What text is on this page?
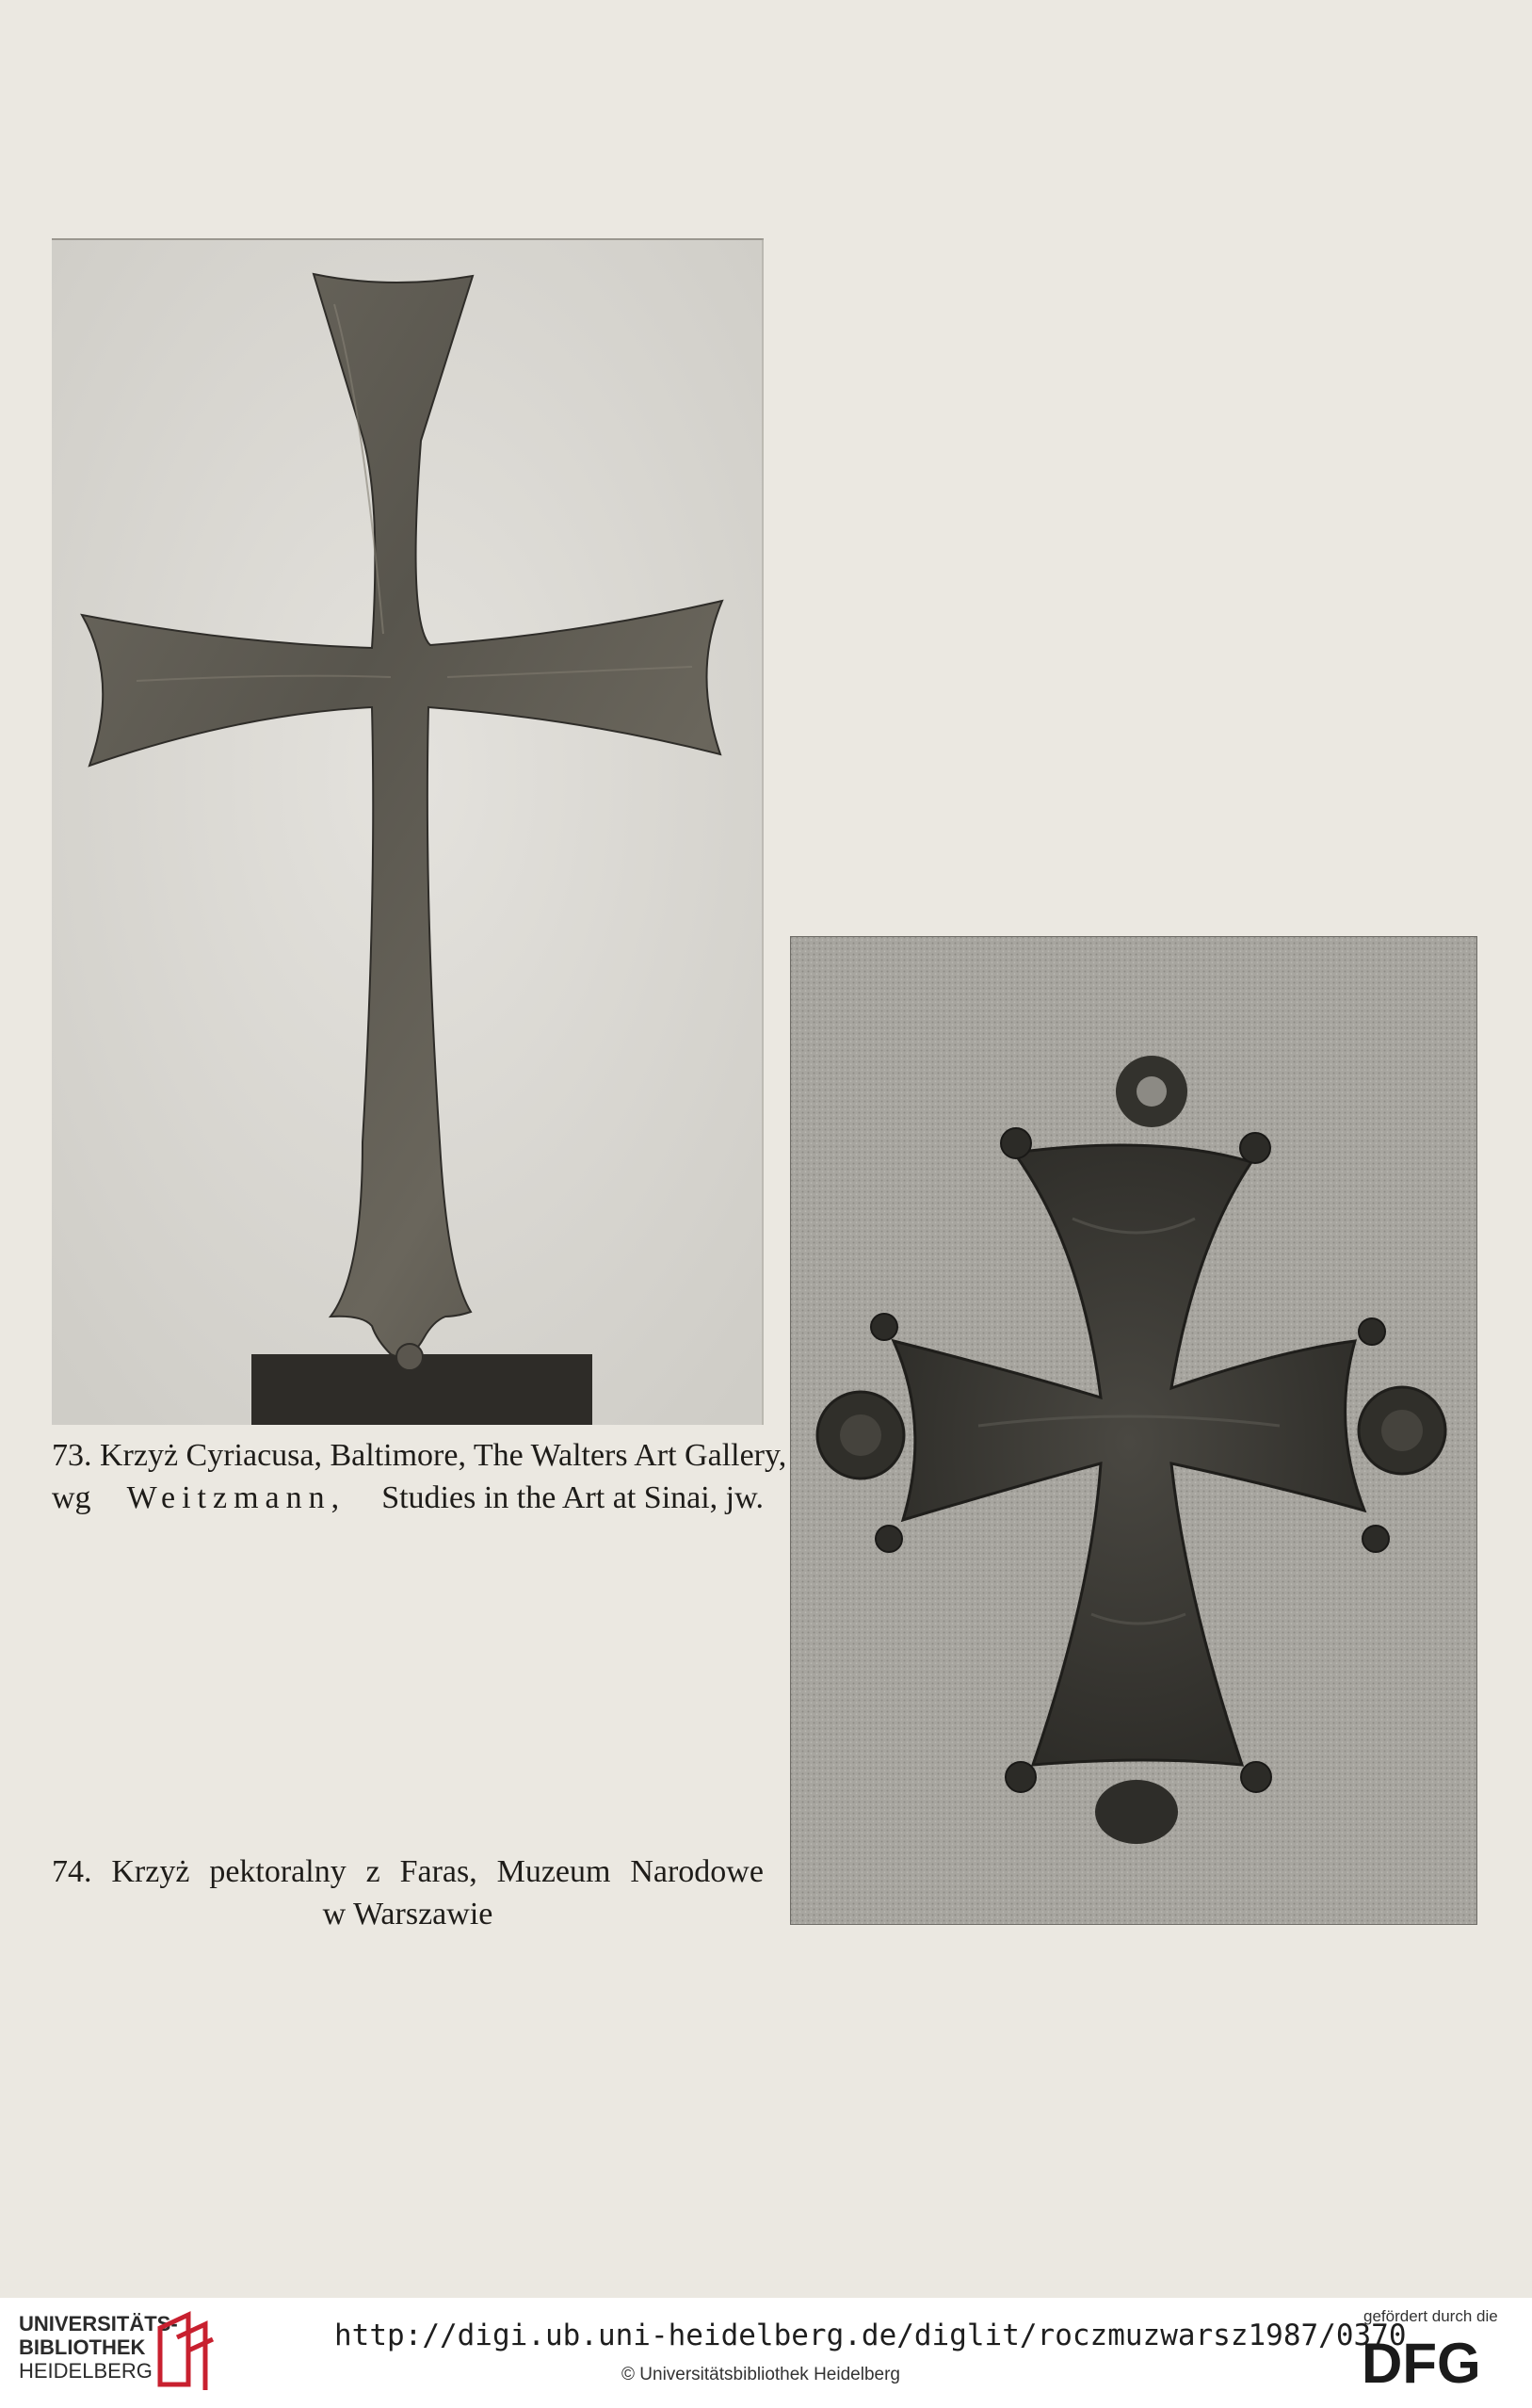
73. Krzyż Cyriacusa, Baltimore, The Walters Art Gallery,
wg Weitzmann, Studies in the Art at Sinai, jw.
74. Krzyż pektoralny z Faras, Muzeum Narodowe
w Warszawie
UNIVERSITÄTS-
BIBLIOTHEK
HEIDELBERG
http://digi.ub.uni-heidelberg.de/diglit/roczmuzwarsz1987/0370
© Universitätsbibliothek Heidelberg
gefördert durch die
DFG
